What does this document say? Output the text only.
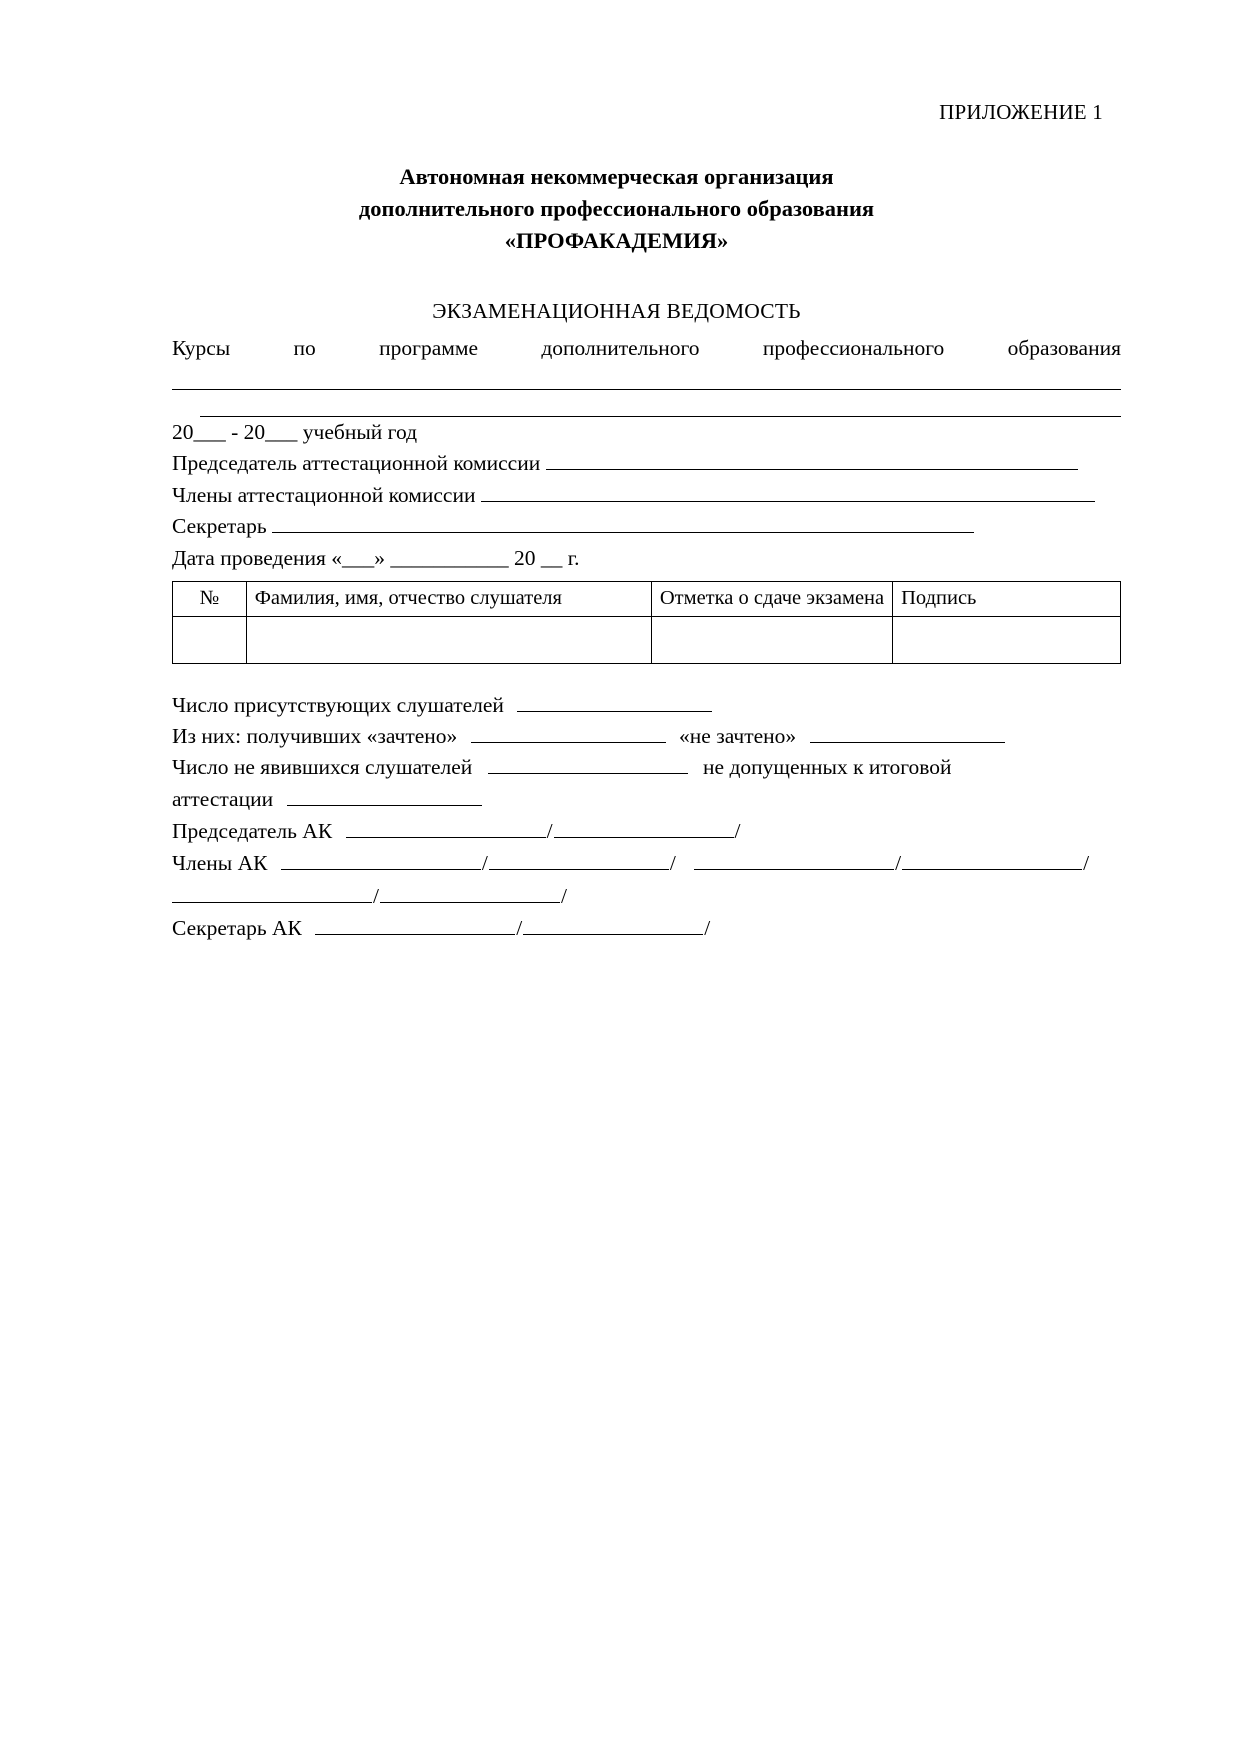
ПРИЛОЖЕНИЕ 1
Автономная некоммерческая организация
дополнительного профессионального образования
«ПРОФАКАДЕМИЯ»
ЭКЗАМЕНАЦИОННАЯ ВЕДОМОСТЬ
Курсы по программе дополнительного профессионального образования
20___ - 20___ учебный год
Председатель аттестационной комиссии
Члены аттестационной комиссии
Секретарь
Дата проведения «___» ___________ 20 __ г.
№	Фамилия, имя, отчество слушателя	Отметка о сдаче экзамена	Подпись

Число присутствующих слушателей
Из них: получивших «зачтено»	«не зачтено»
Число не явившихся слушателей	не допущенных к итоговой
аттестации
Председатель АК	/	/
Члены АК	/	/	/	/
/	/
Секретарь АК	/	/
